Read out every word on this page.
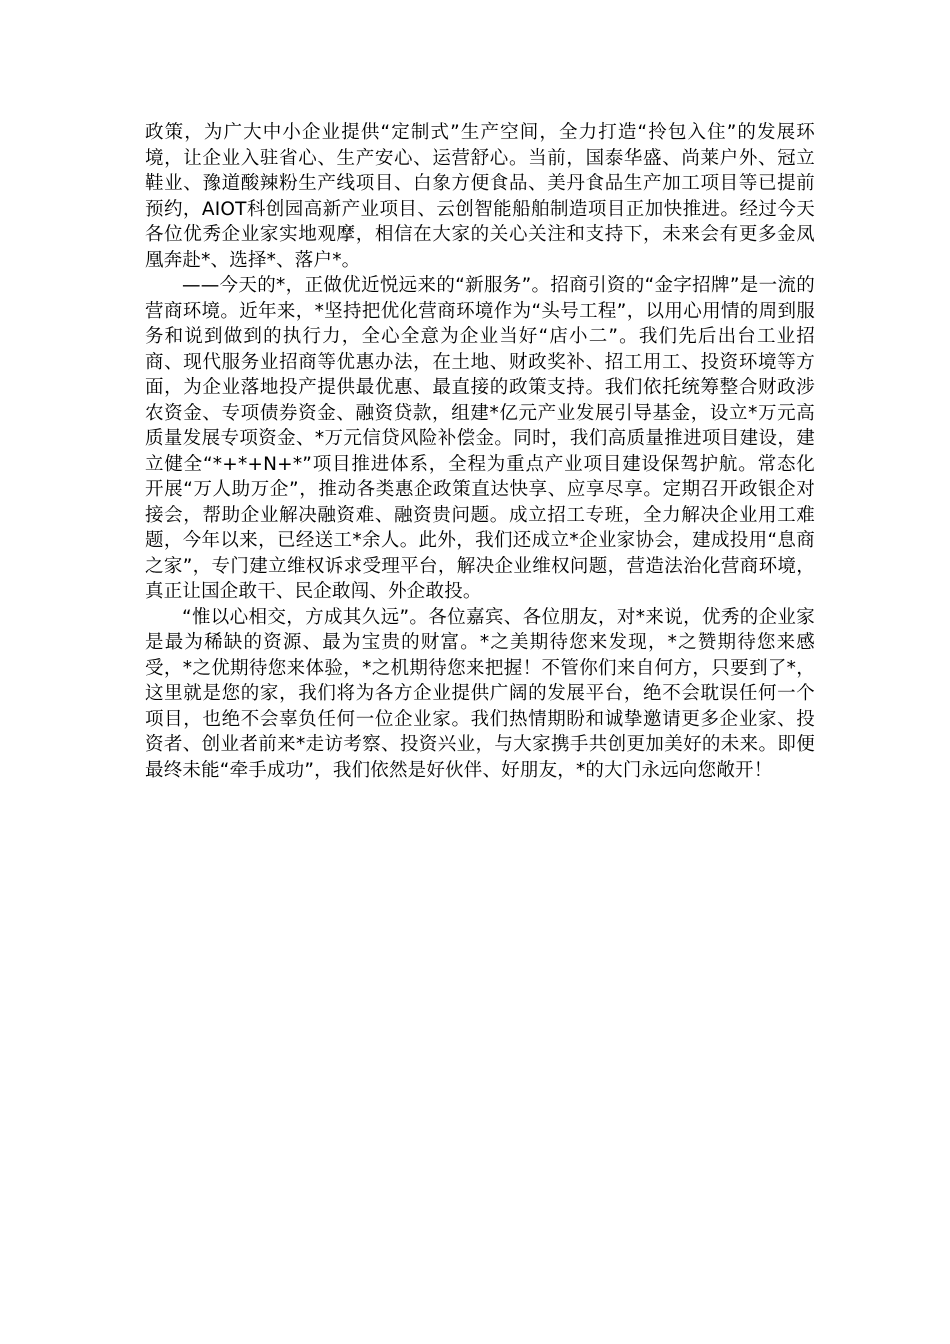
政策，为广大中小企业提供“定制式”生产空间，全力打造“拎包入住”的发展环境，让企业入驻省心、生产安心、运营舒心。当前，国泰华盛、尚莱户外、冠立鞋业、豫道酸辣粉生产线项目、白象方便食品、美丹食品生产加工项目等已提前预约，AIOT科创园高新产业项目、云创智能船舶制造项目正加快推进。经过今天各位优秀企业家实地观摩，相信在大家的关心关注和支持下，未来会有更多金凤凰奔赴*、选择*、落户*。

——今天的*，正做优近悦远来的“新服务”。招商引资的“金字招牌”是一流的营商环境。近年来，*坚持把优化营商环境作为“头号工程”，以用心用情的周到服务和说到做到的执行力，全心全意为企业当好“店小二”。我们先后出台工业招商、现代服务业招商等优惠办法，在土地、财政奖补、招工用工、投资环境等方面，为企业落地投产提供最优惠、最直接的政策支持。我们依托统筹整合财政涉农资金、专项债券资金、融资贷款，组建*亿元产业发展引导基金，设立*万元高质量发展专项资金、*万元信贷风险补偿金。同时，我们高质量推进项目建设，建立健全“*+*+N+*”项目推进体系，全程为重点产业项目建设保驾护航。常态化开展“万人助万企”，推动各类惠企政策直达快享、应享尽享。定期召开政银企对接会，帮助企业解决融资难、融资贵问题。成立招工专班，全力解决企业用工难题，今年以来，已经送工*余人。此外，我们还成立*企业家协会，建成投用“息商之家”，专门建立维权诉求受理平台，解决企业维权问题，营造法治化营商环境，真正让国企敢干、民企敢闯、外企敢投。

“惟以心相交，方成其久远”。各位嘉宾、各位朋友，对*来说，优秀的企业家是最为稀缺的资源、最为宝贵的财富。*之美期待您来发现，*之赞期待您来感受，*之优期待您来体验，*之机期待您来把握！不管你们来自何方，只要到了*，这里就是您的家，我们将为各方企业提供广阔的发展平台，绝不会耽误任何一个项目，也绝不会辜负任何一位企业家。我们热情期盼和诚挚邀请更多企业家、投资者、创业者前来*走访考察、投资兴业，与大家携手共创更加美好的未来。即便最终未能“牵手成功”，我们依然是好伙伴、好朋友，*的大门永远向您敞开！
